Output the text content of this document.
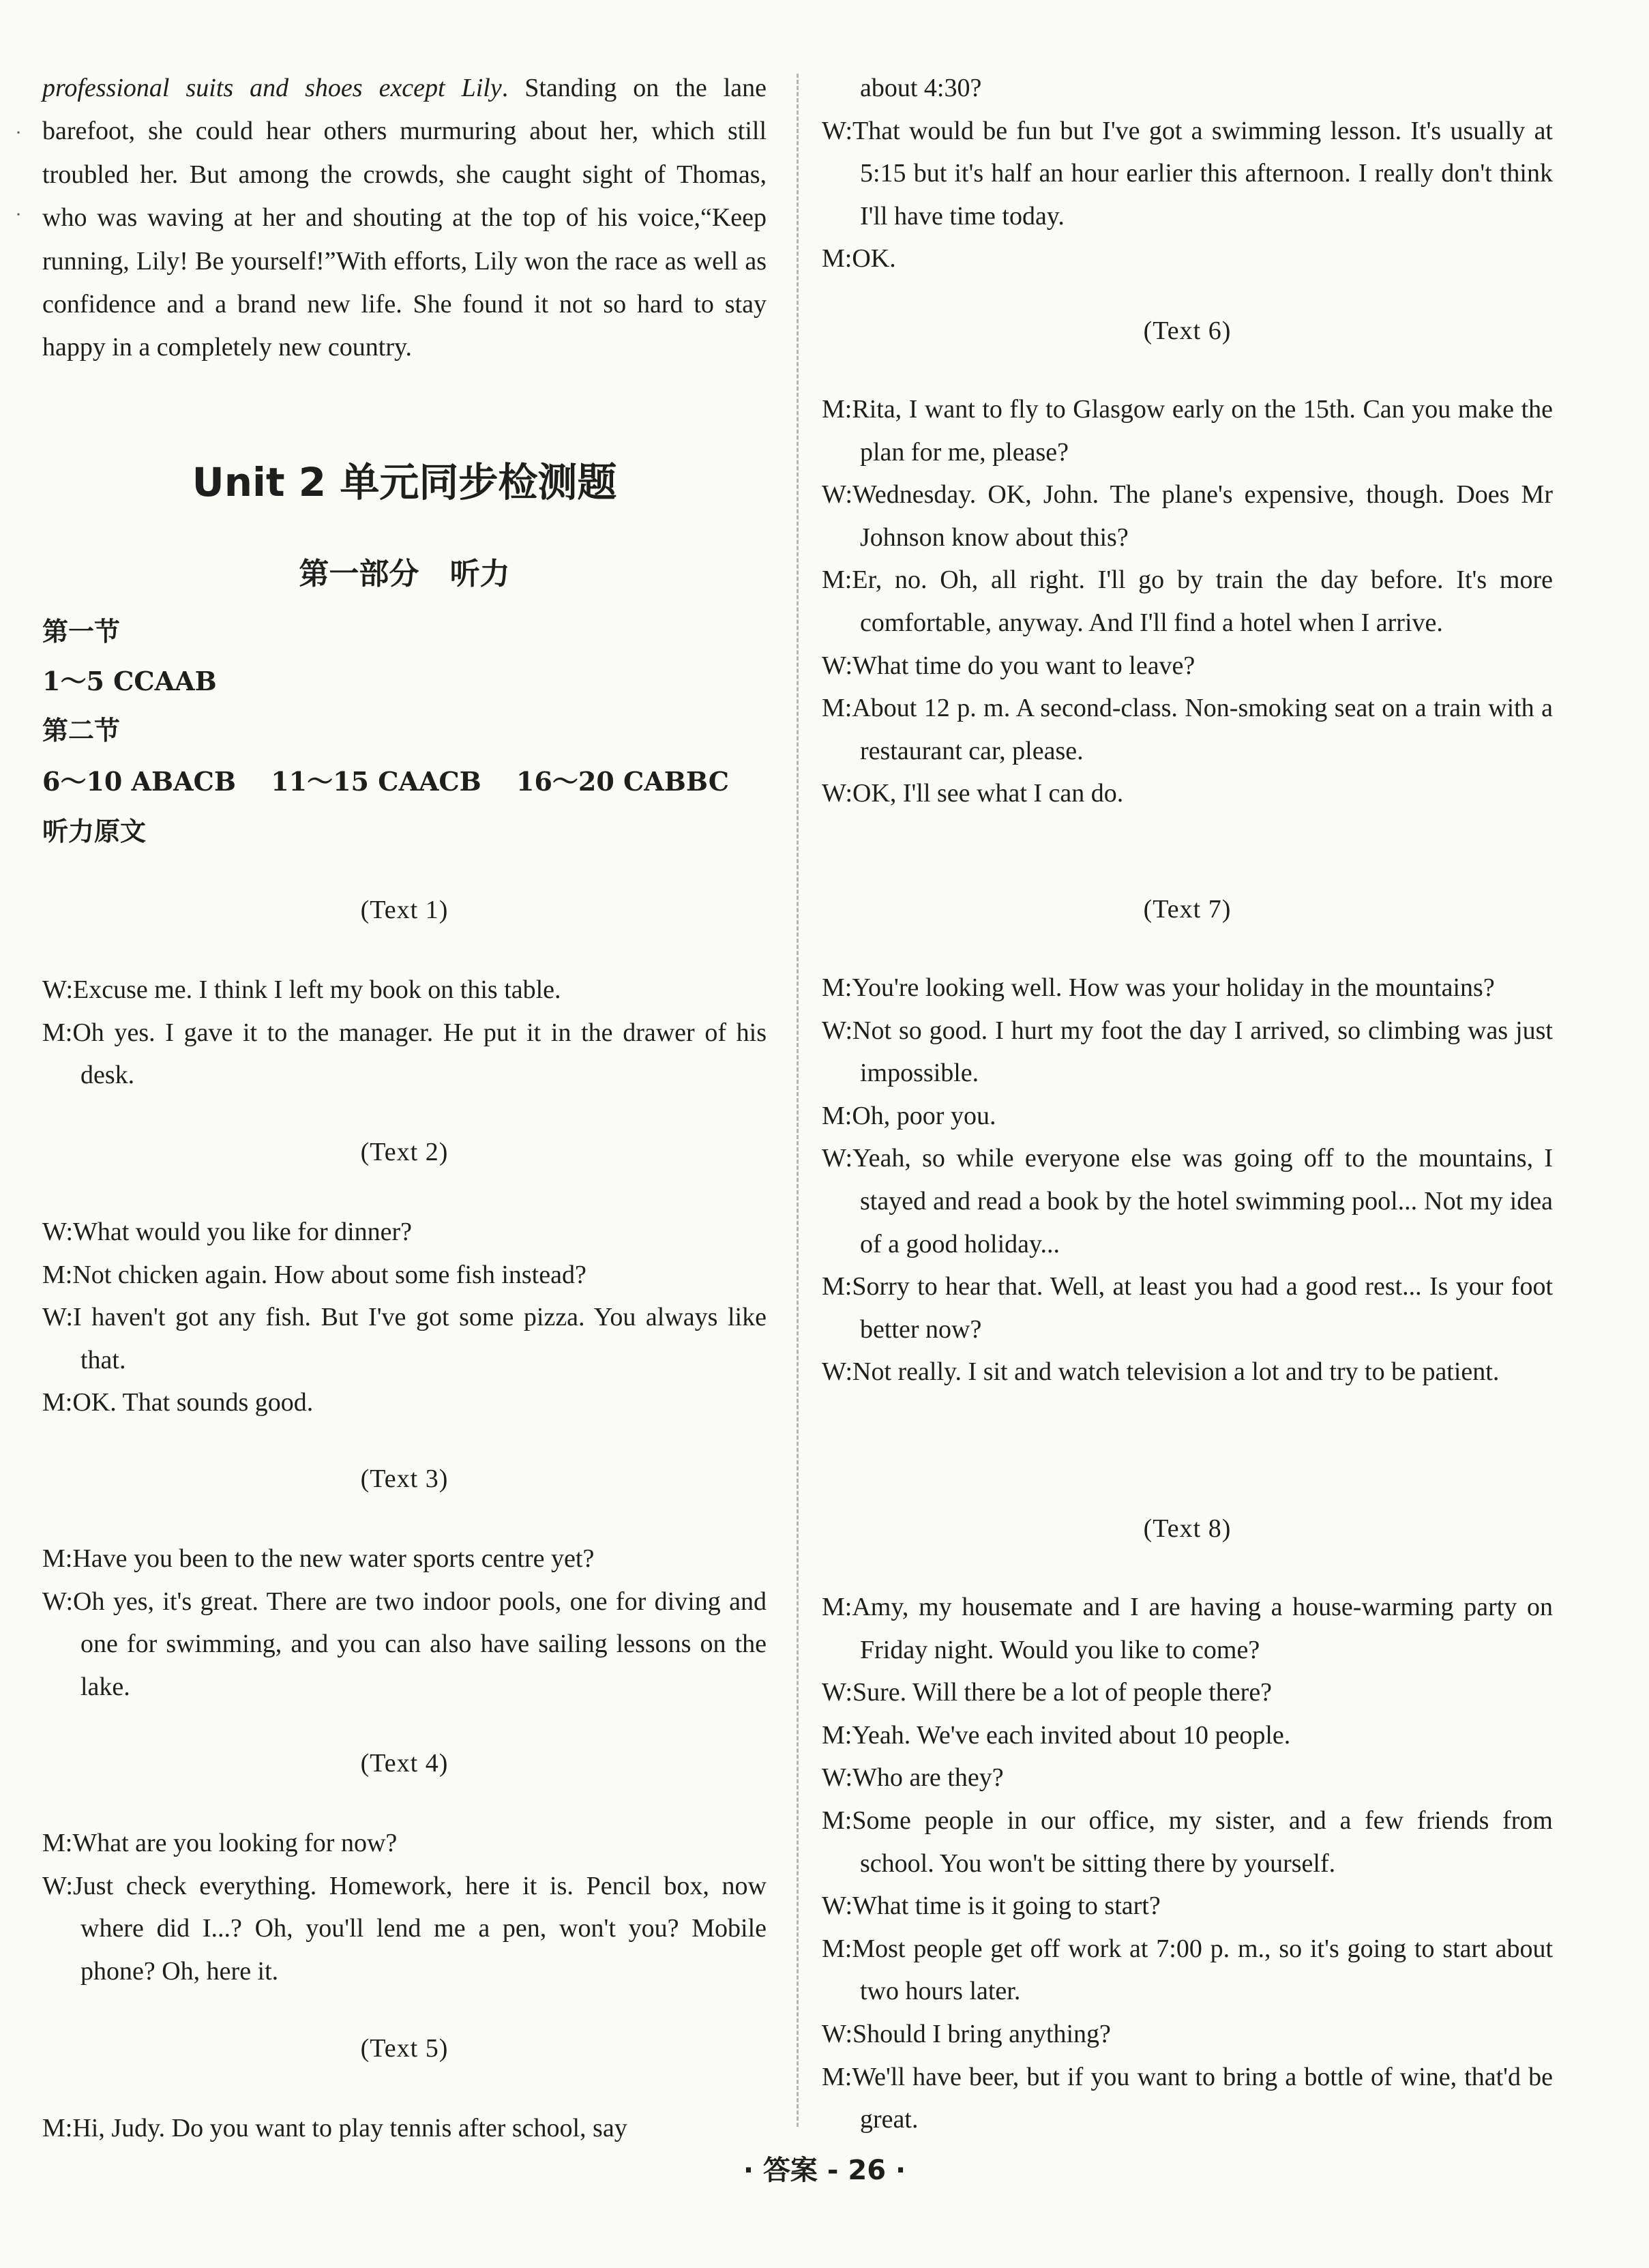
·
·
professional suits and shoes except Lily. Standing on the lane barefoot, she could hear others murmuring about her, which still troubled her. But among the crowds, she caught sight of Thomas, who was waving at her and shouting at the top of his voice,“Keep running, Lily! Be yourself!”With efforts, Lily won the race as well as confidence and a brand new life. She found it not so hard to stay happy in a completely new country.
Unit 2 单元同步检测题
第一部分 听力
第一节
1～5 CCAAB
第二节
6～10 ABACB 11～15 CAACB 16～20 CABBC
听力原文
(Text 1)

W:Excuse me. I think I left my book on this table.

M:Oh yes. I gave it to the manager. He put it in the drawer of his desk.

(Text 2)

W:What would you like for dinner?

M:Not chicken again. How about some fish instead?

W:I haven't got any fish. But I've got some pizza. You always like that.

M:OK. That sounds good.

(Text 3)

M:Have you been to the new water sports centre yet?

W:Oh yes, it's great. There are two indoor pools, one for diving and one for swimming, and you can also have sailing lessons on the lake.

(Text 4)

M:What are you looking for now?

W:Just check everything. Homework, here it is. Pencil box, now where did I...? Oh, you'll lend me a pen, won't you? Mobile phone? Oh, here it.

(Text 5)

M:Hi, Judy. Do you want to play tennis after school, say

about 4:30?

W:That would be fun but I've got a swimming lesson. It's usually at 5:15 but it's half an hour earlier this afternoon. I really don't think I'll have time today.

M:OK.

(Text 6)

M:Rita, I want to fly to Glasgow early on the 15th. Can you make the plan for me, please?

W:Wednesday. OK, John. The plane's expensive, though. Does Mr Johnson know about this?

M:Er, no. Oh, all right. I'll go by train the day before. It's more comfortable, anyway. And I'll find a hotel when I arrive.

W:What time do you want to leave?

M:About 12 p. m. A second-class. Non-smoking seat on a train with a restaurant car, please.

W:OK, I'll see what I can do.

(Text 7)

M:You're looking well. How was your holiday in the mountains?

W:Not so good. I hurt my foot the day I arrived, so climbing was just impossible.

M:Oh, poor you.

W:Yeah, so while everyone else was going off to the mountains, I stayed and read a book by the hotel swimming pool... Not my idea of a good holiday...

M:Sorry to hear that. Well, at least you had a good rest... Is your foot better now?

W:Not really. I sit and watch television a lot and try to be patient.

(Text 8)

M:Amy, my housemate and I are having a house-warming party on Friday night. Would you like to come?

W:Sure. Will there be a lot of people there?

M:Yeah. We've each invited about 10 people.

W:Who are they?

M:Some people in our office, my sister, and a few friends from school. You won't be sitting there by yourself.

W:What time is it going to start?

M:Most people get off work at 7:00 p. m., so it's going to start about two hours later.

W:Should I bring anything?

M:We'll have beer, but if you want to bring a bottle of wine, that'd be great.

· 答案 - 26 ·
